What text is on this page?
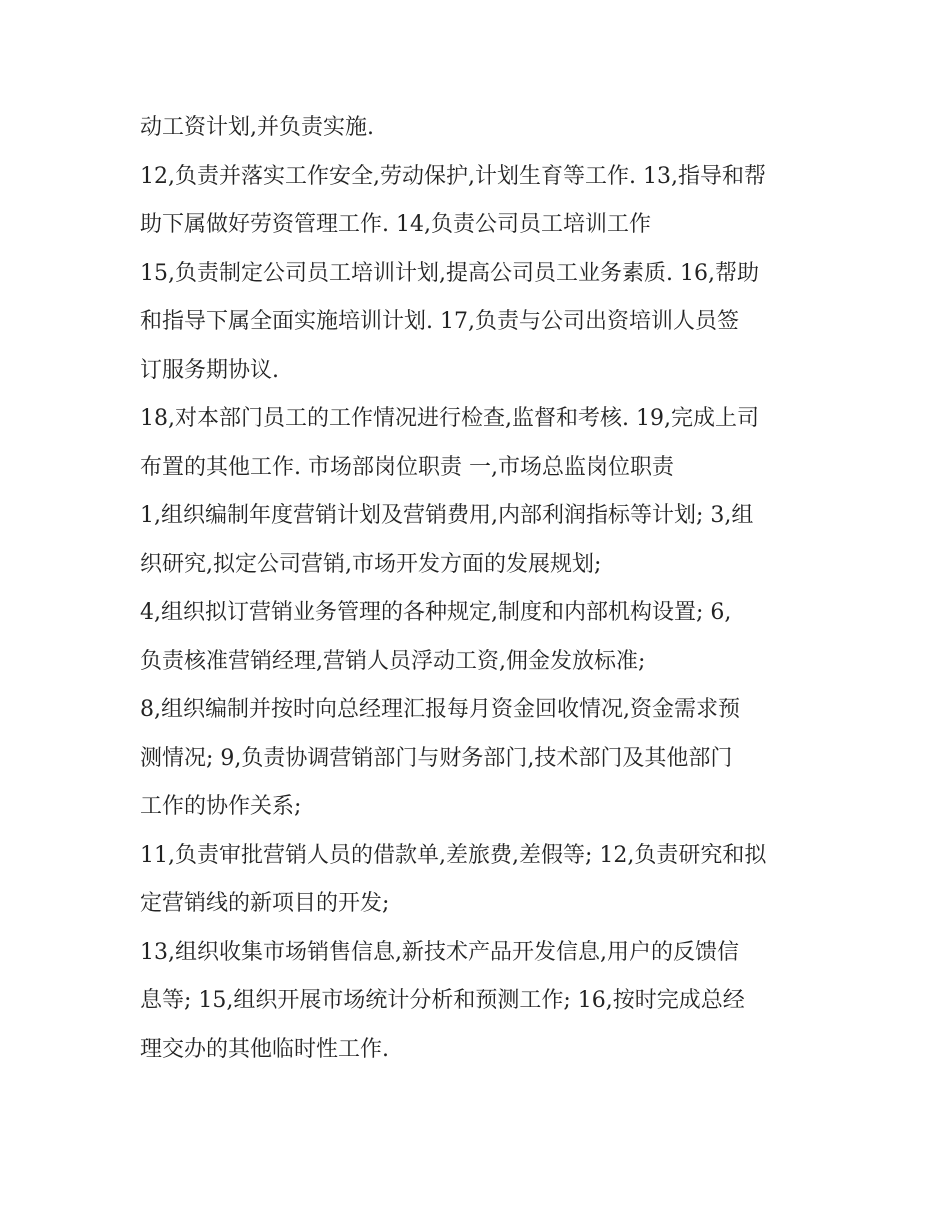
动工资计划,并负责实施.
12,负责并落实工作安全,劳动保护,计划生育等工作. 13,指导和帮
助下属做好劳资管理工作. 14,负责公司员工培训工作
15,负责制定公司员工培训计划,提高公司员工业务素质. 16,帮助
和指导下属全面实施培训计划. 17,负责与公司出资培训人员签
订服务期协议.
18,对本部门员工的工作情况进行检查,监督和考核. 19,完成上司
布置的其他工作. 市场部岗位职责 一,市场总监岗位职责
1,组织编制年度营销计划及营销费用,内部利润指标等计划; 3,组
织研究,拟定公司营销,市场开发方面的发展规划;
4,组织拟订营销业务管理的各种规定,制度和内部机构设置; 6,
负责核准营销经理,营销人员浮动工资,佣金发放标准;
8,组织编制并按时向总经理汇报每月资金回收情况,资金需求预
测情况; 9,负责协调营销部门与财务部门,技术部门及其他部门
工作的协作关系;
11,负责审批营销人员的借款单,差旅费,差假等; 12,负责研究和拟
定营销线的新项目的开发;
13,组织收集市场销售信息,新技术产品开发信息,用户的反馈信
息等; 15,组织开展市场统计分析和预测工作; 16,按时完成总经
理交办的其他临时性工作.
